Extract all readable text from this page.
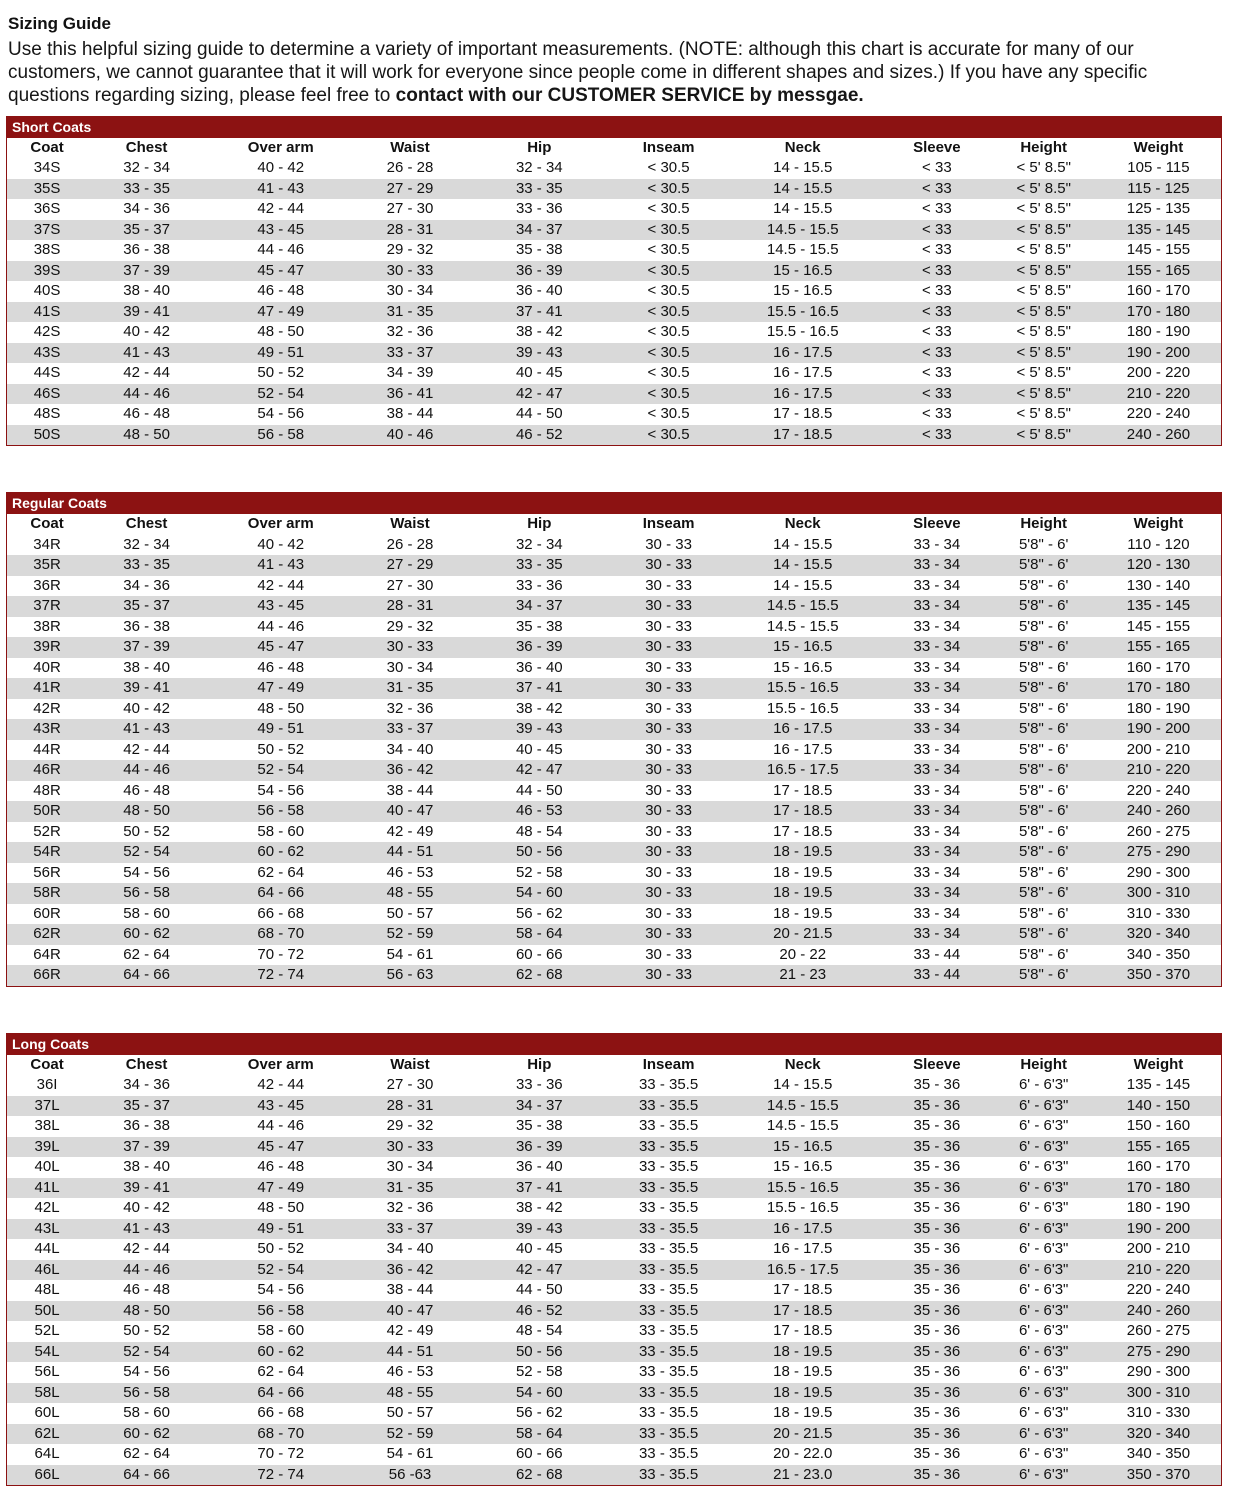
Sizing Guide

Use this helpful sizing guide to determine a variety of important measurements. (NOTE: although this chart is accurate for many of our customers, we cannot guarantee that it will work for everyone since people come in different shapes and sizes.) If you have any specific questions regarding sizing, please feel free to contact with our CUSTOMER SERVICE by messgae.

Short Coats
Coat	Chest	Over arm	Waist	Hip	Inseam	Neck	Sleeve	Height	Weight
34S	32 - 34	40 - 42	26 - 28	32 - 34	< 30.5	14 - 15.5	< 33	< 5' 8.5"	105 - 115
35S	33 - 35	41 - 43	27 - 29	33 - 35	< 30.5	14 - 15.5	< 33	< 5' 8.5"	115 - 125
36S	34 - 36	42 - 44	27 - 30	33 - 36	< 30.5	14 - 15.5	< 33	< 5' 8.5"	125 - 135
37S	35 - 37	43 - 45	28 - 31	34 - 37	< 30.5	14.5 - 15.5	< 33	< 5' 8.5"	135 - 145
38S	36 - 38	44 - 46	29 - 32	35 - 38	< 30.5	14.5 - 15.5	< 33	< 5' 8.5"	145 - 155
39S	37 - 39	45 - 47	30 - 33	36 - 39	< 30.5	15 - 16.5	< 33	< 5' 8.5"	155 - 165
40S	38 - 40	46 - 48	30 - 34	36 - 40	< 30.5	15 - 16.5	< 33	< 5' 8.5"	160 - 170
41S	39 - 41	47 - 49	31 - 35	37 - 41	< 30.5	15.5 - 16.5	< 33	< 5' 8.5"	170 - 180
42S	40 - 42	48 - 50	32 - 36	38 - 42	< 30.5	15.5 - 16.5	< 33	< 5' 8.5"	180 - 190
43S	41 - 43	49 - 51	33 - 37	39 - 43	< 30.5	16 - 17.5	< 33	< 5' 8.5"	190 - 200
44S	42 - 44	50 - 52	34 - 39	40 - 45	< 30.5	16 - 17.5	< 33	< 5' 8.5"	200 - 220
46S	44 - 46	52 - 54	36 - 41	42 - 47	< 30.5	16 - 17.5	< 33	< 5' 8.5"	210 - 220
48S	46 - 48	54 - 56	38 - 44	44 - 50	< 30.5	17 - 18.5	< 33	< 5' 8.5"	220 - 240
50S	48 - 50	56 - 58	40 - 46	46 - 52	< 30.5	17 - 18.5	< 33	< 5' 8.5"	240 - 260
Regular Coats
Coat	Chest	Over arm	Waist	Hip	Inseam	Neck	Sleeve	Height	Weight
34R	32 - 34	40 - 42	26 - 28	32 - 34	30 - 33	14 - 15.5	33 - 34	5'8" - 6'	110 - 120
35R	33 - 35	41 - 43	27 - 29	33 - 35	30 - 33	14 - 15.5	33 - 34	5'8" - 6'	120 - 130
36R	34 - 36	42 - 44	27 - 30	33 - 36	30 - 33	14 - 15.5	33 - 34	5'8" - 6'	130 - 140
37R	35 - 37	43 - 45	28 - 31	34 - 37	30 - 33	14.5 - 15.5	33 - 34	5'8" - 6'	135 - 145
38R	36 - 38	44 - 46	29 - 32	35 - 38	30 - 33	14.5 - 15.5	33 - 34	5'8" - 6'	145 - 155
39R	37 - 39	45 - 47	30 - 33	36 - 39	30 - 33	15 - 16.5	33 - 34	5'8" - 6'	155 - 165
40R	38 - 40	46 - 48	30 - 34	36 - 40	30 - 33	15 - 16.5	33 - 34	5'8" - 6'	160 - 170
41R	39 - 41	47 - 49	31 - 35	37 - 41	30 - 33	15.5 - 16.5	33 - 34	5'8" - 6'	170 - 180
42R	40 - 42	48 - 50	32 - 36	38 - 42	30 - 33	15.5 - 16.5	33 - 34	5'8" - 6'	180 - 190
43R	41 - 43	49 - 51	33 - 37	39 - 43	30 - 33	16 - 17.5	33 - 34	5'8" - 6'	190 - 200
44R	42 - 44	50 - 52	34 - 40	40 - 45	30 - 33	16 - 17.5	33 - 34	5'8" - 6'	200 - 210
46R	44 - 46	52 - 54	36 - 42	42 - 47	30 - 33	16.5 - 17.5	33 - 34	5'8" - 6'	210 - 220
48R	46 - 48	54 - 56	38 - 44	44 - 50	30 - 33	17 - 18.5	33 - 34	5'8" - 6'	220 - 240
50R	48 - 50	56 - 58	40 - 47	46 - 53	30 - 33	17 - 18.5	33 - 34	5'8" - 6'	240 - 260
52R	50 - 52	58 - 60	42 - 49	48 - 54	30 - 33	17 - 18.5	33 - 34	5'8" - 6'	260 - 275
54R	52 - 54	60 - 62	44 - 51	50 - 56	30 - 33	18 - 19.5	33 - 34	5'8" - 6'	275 - 290
56R	54 - 56	62 - 64	46 - 53	52 - 58	30 - 33	18 - 19.5	33 - 34	5'8" - 6'	290 - 300
58R	56 - 58	64 - 66	48 - 55	54 - 60	30 - 33	18 - 19.5	33 - 34	5'8" - 6'	300 - 310
60R	58 - 60	66 - 68	50 - 57	56 - 62	30 - 33	18 - 19.5	33 - 34	5'8" - 6'	310 - 330
62R	60 - 62	68 - 70	52 - 59	58 - 64	30 - 33	20 - 21.5	33 - 34	5'8" - 6'	320 - 340
64R	62 - 64	70 - 72	54 - 61	60 - 66	30 - 33	20 - 22	33 - 44	5'8" - 6'	340 - 350
66R	64 - 66	72 - 74	56 - 63	62 - 68	30 - 33	21 - 23	33 - 44	5'8" - 6'	350 - 370
Long Coats
Coat	Chest	Over arm	Waist	Hip	Inseam	Neck	Sleeve	Height	Weight
36I	34 - 36	42 - 44	27 - 30	33 - 36	33 - 35.5	14 - 15.5	35 - 36	6' - 6'3"	135 - 145
37L	35 - 37	43 - 45	28 - 31	34 - 37	33 - 35.5	14.5 - 15.5	35 - 36	6' - 6'3"	140 - 150
38L	36 - 38	44 - 46	29 - 32	35 - 38	33 - 35.5	14.5 - 15.5	35 - 36	6' - 6'3"	150 - 160
39L	37 - 39	45 - 47	30 - 33	36 - 39	33 - 35.5	15 - 16.5	35 - 36	6' - 6'3"	155 - 165
40L	38 - 40	46 - 48	30 - 34	36 - 40	33 - 35.5	15 - 16.5	35 - 36	6' - 6'3"	160 - 170
41L	39 - 41	47 - 49	31 - 35	37 - 41	33 - 35.5	15.5 - 16.5	35 - 36	6' - 6'3"	170 - 180
42L	40 - 42	48 - 50	32 - 36	38 - 42	33 - 35.5	15.5 - 16.5	35 - 36	6' - 6'3"	180 - 190
43L	41 - 43	49 - 51	33 - 37	39 - 43	33 - 35.5	16 - 17.5	35 - 36	6' - 6'3"	190 - 200
44L	42 - 44	50 - 52	34 - 40	40 - 45	33 - 35.5	16 - 17.5	35 - 36	6' - 6'3"	200 - 210
46L	44 - 46	52 - 54	36 - 42	42 - 47	33 - 35.5	16.5 - 17.5	35 - 36	6' - 6'3"	210 - 220
48L	46 - 48	54 - 56	38 - 44	44 - 50	33 - 35.5	17 - 18.5	35 - 36	6' - 6'3"	220 - 240
50L	48 - 50	56 - 58	40 - 47	46 - 52	33 - 35.5	17 - 18.5	35 - 36	6' - 6'3"	240 - 260
52L	50 - 52	58 - 60	42 - 49	48 - 54	33 - 35.5	17 - 18.5	35 - 36	6' - 6'3"	260 - 275
54L	52 - 54	60 - 62	44 - 51	50 - 56	33 - 35.5	18 - 19.5	35 - 36	6' - 6'3"	275 - 290
56L	54 - 56	62 - 64	46 - 53	52 - 58	33 - 35.5	18 - 19.5	35 - 36	6' - 6'3"	290 - 300
58L	56 - 58	64 - 66	48 - 55	54 - 60	33 - 35.5	18 - 19.5	35 - 36	6' - 6'3"	300 - 310
60L	58 - 60	66 - 68	50 - 57	56 - 62	33 - 35.5	18 - 19.5	35 - 36	6' - 6'3"	310 - 330
62L	60 - 62	68 - 70	52 - 59	58 - 64	33 - 35.5	20 - 21.5	35 - 36	6' - 6'3"	320 - 340
64L	62 - 64	70 - 72	54 - 61	60 - 66	33 - 35.5	20 - 22.0	35 - 36	6' - 6'3"	340 - 350
66L	64 - 66	72 - 74	56 -63	62 - 68	33 - 35.5	21 - 23.0	35 - 36	6' - 6'3"	350 - 370
